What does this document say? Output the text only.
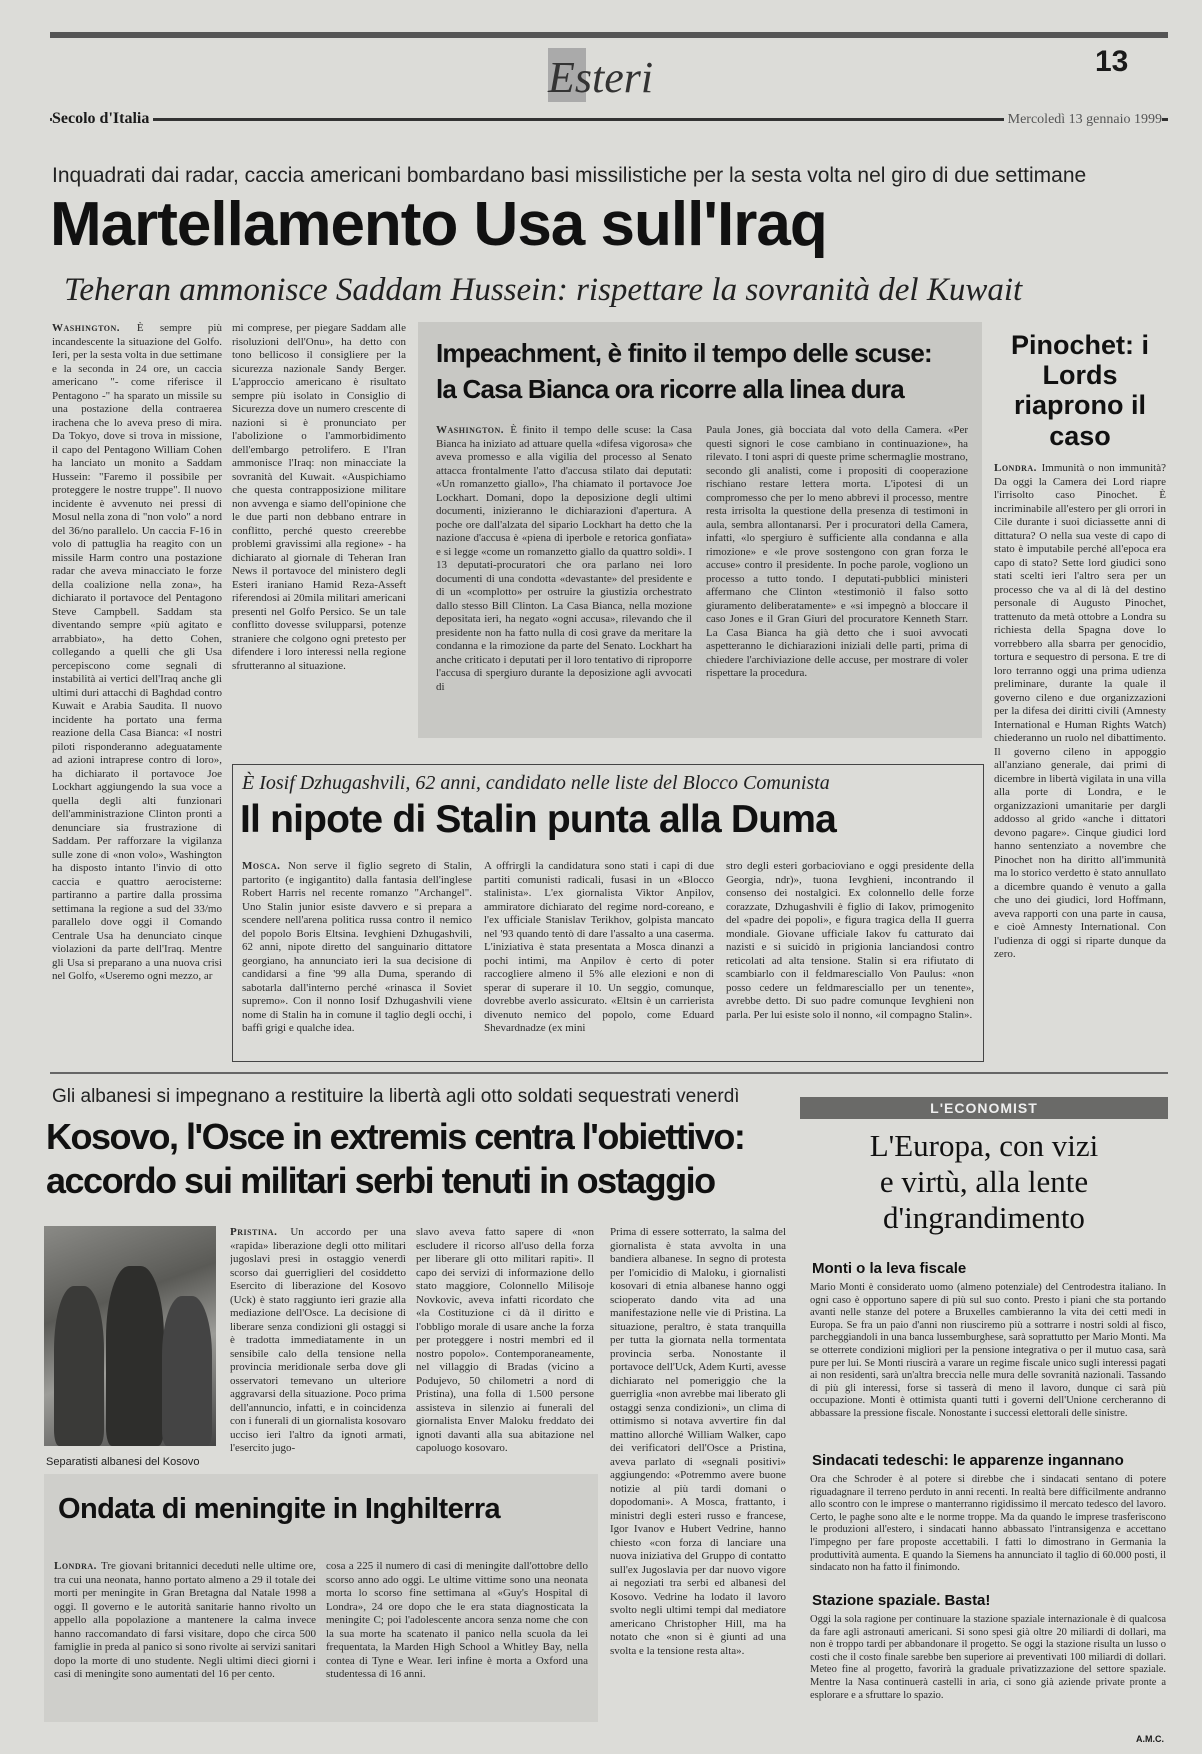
Esteri	13
Secolo d'Italia	Mercoledì 13 gennaio 1999
Inquadrati dai radar, caccia americani bombardano basi missilistiche per la sesta volta nel giro di due settimane
Martellamento Usa sull'Iraq
Teheran ammonisce Saddam Hussein: rispettare la sovranità del Kuwait
Washington. È sempre più incandescente la situazione del Golfo. Ieri, per la sesta volta in due settimane e la seconda in 24 ore, un caccia americano "- come riferisce il Pentagono -" ha sparato un missile su una postazione della contraerea irachena che lo aveva preso di mira. Da Tokyo, dove si trova in missione, il capo del Pentagono William Cohen ha lanciato un monito a Saddam Hussein: "Faremo il possibile per proteggere le nostre truppe". Il nuovo incidente è avvenuto nei pressi di Mosul nella zona di "non volo" a nord del 36/no parallelo. Un caccia F-16 in volo di pattuglia ha reagito con un missile Harm contro una postazione radar che aveva minacciato le forze della coalizione nella zona», ha dichiarato il portavoce del Pentagono Steve Campbell. Saddam sta diventando sempre «più agitato e arrabbiato», ha detto Cohen, collegando a quelli che gli Usa percepiscono come segnali di instabilità ai vertici dell'Iraq anche gli ultimi duri attacchi di Baghdad contro Kuwait e Arabia Saudita. Il nuovo incidente ha portato una ferma reazione della Casa Bianca: «I nostri piloti risponderanno adeguatamente ad azioni intraprese contro di loro», ha dichiarato il portavoce Joe Lockhart aggiungendo la sua voce a quella degli alti funzionari dell'amministrazione Clinton pronti a denunciare sia frustrazione di Saddam. Per rafforzare la vigilanza sulle zone di «non volo», Washington ha disposto intanto l'invio di otto caccia e quattro aerocisterne: partiranno a partire dalla prossima settimana la regione a sud del 33/mo parallelo dove oggi il Comando Centrale Usa ha denunciato cinque violazioni da parte dell'Iraq. Mentre gli Usa si preparano a una nuova crisi nel Golfo, «Useremo ogni mezzo, ar
mi comprese, per piegare Saddam alle risoluzioni dell'Onu», ha detto con tono bellicoso il consigliere per la sicurezza nazionale Sandy Berger. L'approccio americano è risultato sempre più isolato in Consiglio di Sicurezza dove un numero crescente di nazioni si è pronunciato per l'abolizione o l'ammorbidimento dell'embargo petrolifero. E l'Iran ammonisce l'Iraq: non minacciate la sovranità del Kuwait. «Auspichiamo che questa contrapposizione militare non avvenga e siamo dell'opinione che le due parti non debbano entrare in conflitto, perché questo creerebbe problemi gravissimi alla regione» - ha dichiarato al giornale di Teheran Iran News il portavoce del ministero degli Esteri iraniano Hamid Reza-Asseft riferendosi ai 20mila militari americani presenti nel Golfo Persico. Se un tale conflitto dovesse svilupparsi, potenze straniere che colgono ogni pretesto per difendere i loro interessi nella regione sfrutteranno al situazione.
Impeachment, è finito il tempo delle scuse:
la Casa Bianca ora ricorre alla linea dura
Washington. È finito il tempo delle scuse: la Casa Bianca ha iniziato ad attuare quella «difesa vigorosa» che aveva promesso e alla vigilia del processo al Senato attacca frontalmente l'atto d'accusa stilato dai deputati: «Un romanzetto giallo», l'ha chiamato il portavoce Joe Lockhart. Domani, dopo la deposizione degli ultimi documenti, inizieranno le dichiarazioni d'apertura. A poche ore dall'alzata del sipario Lockhart ha detto che la nazione d'accusa è «piena di iperbole e retorica gonfiata» e si legge «come un romanzetto giallo da quattro soldi». I 13 deputati-procuratori che ora parlano nei loro documenti di una condotta «devastante» del presidente e di un «complotto» per ostruire la giustizia orchestrato dallo stesso Bill Clinton. La Casa Bianca, nella mozione depositata ieri, ha negato «ogni accusa», rilevando che il presidente non ha fatto nulla di così grave da meritare la condanna e la rimozione da parte del Senato. Lockhart ha anche criticato i deputati per il loro tentativo di riproporre l'accusa di spergiuro durante la deposizione agli avvocati di
Paula Jones, già bocciata dal voto della Camera. «Per questi signori le cose cambiano in continuazione», ha rilevato. I toni aspri di queste prime schermaglie mostrano, secondo gli analisti, come i propositi di cooperazione rischiano restare lettera morta. L'ipotesi di un compromesso che per lo meno abbrevi il processo, mentre resta irrisolta la questione della presenza di testimoni in aula, sembra allontanarsi. Per i procuratori della Camera, infatti, «lo spergiuro è sufficiente alla condanna e alla rimozione» e «le prove sostengono con gran forza le accuse» contro il presidente. In poche parole, vogliono un processo a tutto tondo. I deputati-pubblici ministeri affermano che Clinton «testimoniò il falso sotto giuramento deliberatamente» e «si impegnò a bloccare il caso Jones e il Gran Giurì del procuratore Kenneth Starr. La Casa Bianca ha già detto che i suoi avvocati aspetteranno le dichiarazioni iniziali delle parti, prima di chiedere l'archiviazione delle accuse, per mostrare di voler rispettare la procedura.
Pinochet: i Lords riaprono il caso
Londra. Immunità o non immunità? Da oggi la Camera dei Lord riapre l'irrisolto caso Pinochet. È incriminabile all'estero per gli orrori in Cile durante i suoi diciassette anni di dittatura? O nella sua veste di capo di stato è imputabile perché all'epoca era capo di stato? Sette lord giudici sono stati scelti ieri l'altro sera per un processo che va al di là del destino personale di Augusto Pinochet, trattenuto da metà ottobre a Londra su richiesta della Spagna dove lo vorrebbero alla sbarra per genocidio, tortura e sequestro di persona. E tre di loro terranno oggi una prima udienza preliminare, durante la quale il governo cileno e due organizzazioni per la difesa dei diritti civili (Amnesty International e Human Rights Watch) chiederanno un ruolo nel dibattimento. Il governo cileno in appoggio all'anziano generale, dai primi di dicembre in libertà vigilata in una villa alla porte di Londra, e le organizzazioni umanitarie per dargli addosso al grido «anche i dittatori devono pagare». Cinque giudici lord hanno sentenziato a novembre che Pinochet non ha diritto all'immunità ma lo storico verdetto è stato annullato a dicembre quando è venuto a galla che uno dei giudici, lord Hoffmann, aveva rapporti con una parte in causa, e cioè Amnesty International. Con l'udienza di oggi si riparte dunque da zero.
È Iosif Dzhugashvili, 62 anni, candidato nelle liste del Blocco Comunista
Il nipote di Stalin punta alla Duma
Mosca. Non serve il figlio segreto di Stalin, partorito (e ingigantito) dalla fantasia dell'inglese Robert Harris nel recente romanzo "Archangel". Uno Stalin junior esiste davvero e si prepara a scendere nell'arena politica russa contro il nemico del popolo Boris Eltsina. Ievghieni Dzhugashvili, 62 anni, nipote diretto del sanguinario dittatore georgiano, ha annunciato ieri la sua decisione di candidarsi a fine '99 alla Duma, sperando di sabotarla dall'interno perché «rinasca il Soviet supremo». Con il nonno Iosif Dzhugashvili viene nome di Stalin ha in comune il taglio degli occhi, i baffi grigi e qualche idea.
A offrirgli la candidatura sono stati i capi di due partiti comunisti radicali, fusasi in un «Blocco stalinista». L'ex giornalista Viktor Anpilov, ammiratore dichiarato del regime nord-coreano, e l'ex ufficiale Stanislav Terikhov, golpista mancato nel '93 quando tentò di dare l'assalto a una caserma. L'iniziativa è stata presentata a Mosca dinanzi a pochi intimi, ma Anpilov è certo di poter raccogliere almeno il 5% alle elezioni e non di sperar di superare il 10. Un seggio, comunque, dovrebbe averlo assicurato. «Eltsin è un carrierista divenuto nemico del popolo, come Eduard Shevardnadze (ex mini
stro degli esteri gorbacioviano e oggi presidente della Georgia, ndr)», tuona Ievghieni, incontrando il consenso dei nostalgici. Ex colonnello delle forze corazzate, Dzhugashvili è figlio di Iakov, primogenito del «padre dei popoli», e figura tragica della II guerra mondiale. Giovane ufficiale Iakov fu catturato dai nazisti e si suicidò in prigionia lanciandosi contro reticolati ad alta tensione. Stalin si era rifiutato di scambiarlo con il feldmaresciallo Von Paulus: «non posso cedere un feldmaresciallo per un tenente», avrebbe detto. Di suo padre comunque Ievghieni non parla. Per lui esiste solo il nonno, «il compagno Stalin».
Gli albanesi si impegnano a restituire la libertà agli otto soldati sequestrati venerdì
Kosovo, l'Osce in extremis centra l'obiettivo:
accordo sui militari serbi tenuti in ostaggio
Separatisti albanesi del Kosovo
Pristina. Un accordo per una «rapida» liberazione degli otto militari jugoslavi presi in ostaggio venerdì scorso dai guerriglieri del cosiddetto Esercito di liberazione del Kosovo (Uck) è stato raggiunto ieri grazie alla mediazione dell'Osce. La decisione di liberare senza condizioni gli ostaggi si è tradotta immediatamente in un sensibile calo della tensione nella provincia meridionale serba dove gli osservatori temevano un ulteriore aggravarsi della situazione. Poco prima dell'annuncio, infatti, e in coincidenza con i funerali di un giornalista kosovaro ucciso ieri l'altro da ignoti armati, l'esercito jugo-
slavo aveva fatto sapere di «non escludere il ricorso all'uso della forza per liberare gli otto militari rapiti». Il capo dei servizi di informazione dello stato maggiore, Colonnello Milisoje Novkovic, aveva infatti ricordato che «la Costituzione ci dà il diritto e l'obbligo morale di usare anche la forza per proteggere i nostri membri ed il nostro popolo». Contemporaneamente, nel villaggio di Bradas (vicino a Podujevo, 50 chilometri a nord di Pristina), una folla di 1.500 persone assisteva in silenzio ai funerali del giornalista Enver Maloku freddato dei ignoti davanti alla sua abitazione nel capoluogo kosovaro.
Prima di essere sotterrato, la salma del giornalista è stata avvolta in una bandiera albanese. In segno di protesta per l'omicidio di Maloku, i giornalisti kosovari di etnia albanese hanno oggi scioperato dando vita ad una manifestazione nelle vie di Pristina. La situazione, peraltro, è stata tranquilla per tutta la giornata nella tormentata provincia serba. Nonostante il portavoce dell'Uck, Adem Kurti, avesse dichiarato nel pomeriggio che la guerriglia «non avrebbe mai liberato gli ostaggi senza condizioni», un clima di ottimismo si notava avvertire fin dal mattino allorché William Walker, capo dei verificatori dell'Osce a Pristina, aveva parlato di «segnali positivi» aggiungendo: «Potremmo avere buone notizie al più tardi domani o dopodomani». A Mosca, frattanto, i ministri degli esteri russo e francese, Igor Ivanov e Hubert Vedrine, hanno chiesto «con forza di lanciare una nuova iniziativa del Gruppo di contatto sull'ex Jugoslavia per dar nuovo vigore ai negoziati tra serbi ed albanesi del Kosovo. Vedrine ha lodato il lavoro svolto negli ultimi tempi dal mediatore americano Christopher Hill, ma ha notato che «non si è giunti ad una svolta e la tensione resta alta».
Ondata di meningite in Inghilterra
Londra. Tre giovani britannici deceduti nelle ultime ore, tra cui una neonata, hanno portato almeno a 29 il totale dei morti per meningite in Gran Bretagna dal Natale 1998 a oggi. Il governo e le autorità sanitarie hanno rivolto un appello alla popolazione a mantenere la calma invece hanno raccomandato di farsi visitare, dopo che circa 500 famiglie in preda al panico si sono rivolte ai servizi sanitari dopo la morte di uno studente. Negli ultimi dieci giorni i casi di meningite sono aumentati del 16 per cento.
cosa a 225 il numero di casi di meningite dall'ottobre dello scorso anno ado oggi. Le ultime vittime sono una neonata morta lo scorso fine settimana al «Guy's Hospital di Londra», 24 ore dopo che le era stata diagnosticata la meningite C; poi l'adolescente ancora senza nome che con la sua morte ha scatenato il panico nella scuola da lei frequentata, la Marden High School a Whitley Bay, nella contea di Tyne e Wear. Ieri infine è morta a Oxford una studentessa di 16 anni.
L'ECONOMIST
L'Europa, con vizi
e virtù, alla lente
d'ingrandimento
Monti o la leva fiscale
Mario Monti è considerato uomo (almeno potenziale) del Centrodestra italiano. In ogni caso è opportuno sapere di più sul suo conto. Presto i piani che sta portando avanti nelle stanze del potere a Bruxelles cambieranno la vita dei cetti medi in Europa. Se fra un paio d'anni non riusciremo più a sottrarre i nostri soldi al fisco, parcheggiandoli in una banca lussemburghese, sarà soprattutto per Mario Monti. Ma se otterrete condizioni migliori per la pensione integrativa o per il mutuo casa, sarà pure per lui. Se Monti riuscirà a varare un regime fiscale unico sugli interessi pagati ai non residenti, sarà un'altra breccia nelle mura delle sovranità nazionali. Tassando di più gli interessi, forse si tasserà di meno il lavoro, dunque ci sarà più occupazione. Monti è ottimista quanti tutti i governi dell'Unione cercheranno di abbassare la pressione fiscale. Nonostante i successi elettorali delle sinistre.
Sindacati tedeschi: le apparenze ingannano
Ora che Schroder è al potere si direbbe che i sindacati sentano di potere riguadagnare il terreno perduto in anni recenti. In realtà bere difficilmente andranno allo scontro con le imprese o manterranno rigidissimo il mercato tedesco del lavoro. Certo, le paghe sono alte e le norme troppe. Ma da quando le imprese trasferiscono le produzioni all'estero, i sindacati hanno abbassato l'intransigenza e accettano l'impegno per fare proposte accettabili. I fatti lo dimostrano in Germania la produttività aumenta. E quando la Siemens ha annunciato il taglio di 60.000 posti, il sindacato non ha fatto il finimondo.
Stazione spaziale. Basta!
Oggi la sola ragione per continuare la stazione spaziale internazionale è di qualcosa da fare agli astronauti americani. Si sono spesi già oltre 20 miliardi di dollari, ma non è troppo tardi per abbandonare il progetto. Se oggi la stazione risulta un lusso o costi che il costo finale sarebbe ben superiore ai preventivati 100 miliardi di dollari. Meteo fine al progetto, favorirà la graduale privatizzazione del settore spaziale. Mentre la Nasa continuerà castelli in aria, ci sono già aziende private pronte a esplorare e a sfruttare lo spazio.
A.M.C.
